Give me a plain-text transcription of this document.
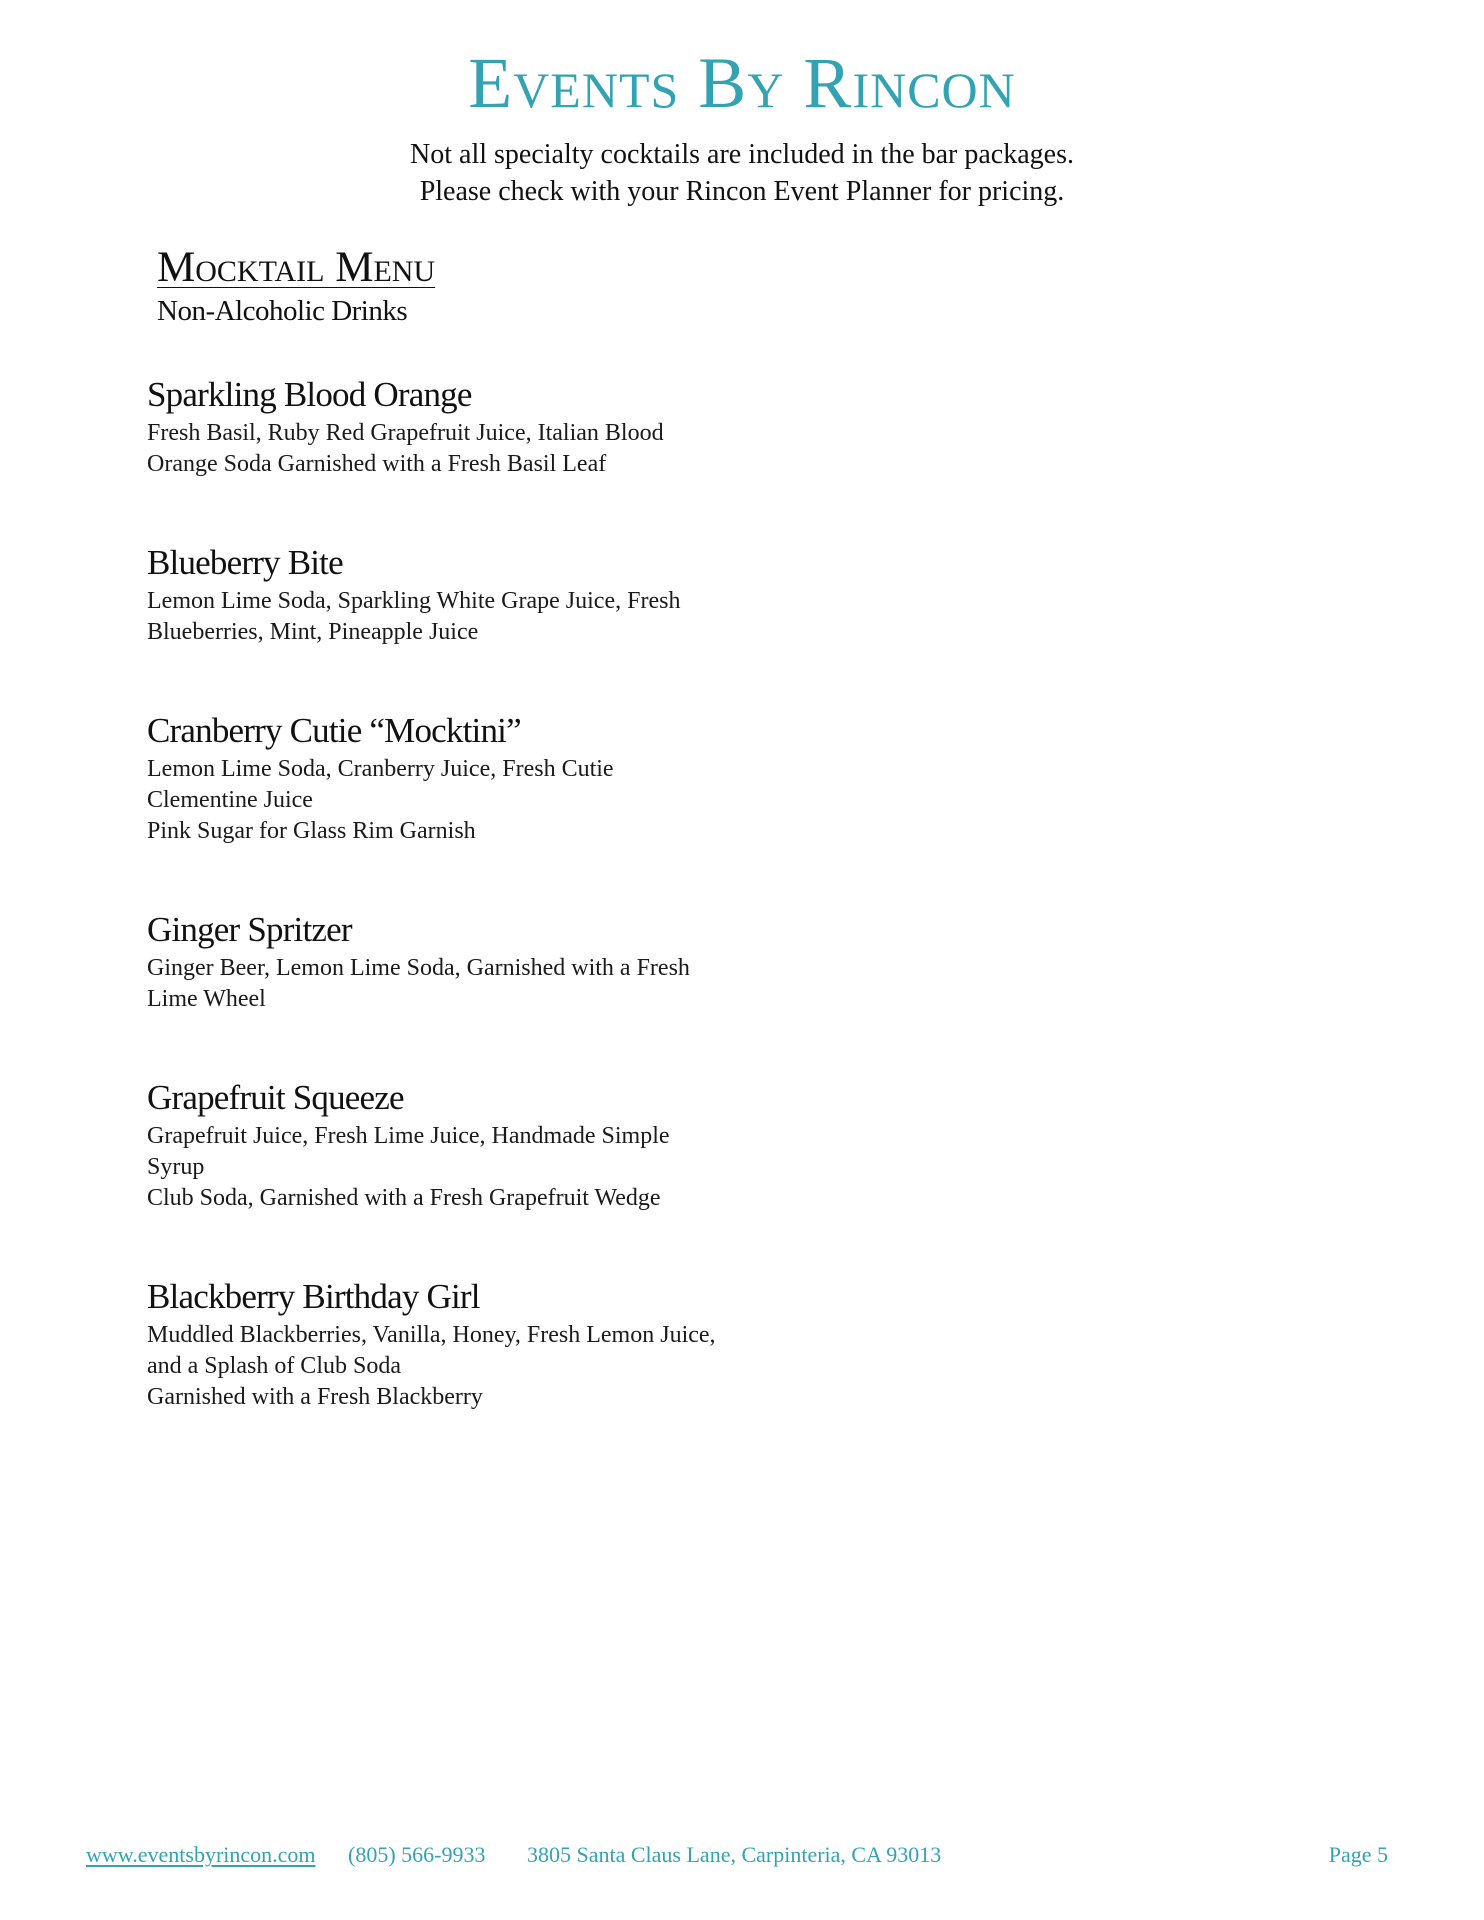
Events By Rincon
Not all specialty cocktails are included in the bar packages.
Please check with your Rincon Event Planner for pricing.
Mocktail Menu
Non-Alcoholic Drinks
Sparkling Blood Orange
Fresh Basil, Ruby Red Grapefruit Juice, Italian Blood
Orange Soda Garnished with a Fresh Basil Leaf
Blueberry Bite
Lemon Lime Soda, Sparkling White Grape Juice, Fresh
Blueberries, Mint, Pineapple Juice
Cranberry Cutie “Mocktini”
Lemon Lime Soda, Cranberry Juice, Fresh Cutie
Clementine Juice
Pink Sugar for Glass Rim Garnish
Ginger Spritzer
Ginger Beer, Lemon Lime Soda, Garnished with a Fresh
Lime Wheel
Grapefruit Squeeze
Grapefruit Juice, Fresh Lime Juice, Handmade Simple
Syrup
Club Soda, Garnished with a Fresh Grapefruit Wedge
Blackberry Birthday Girl
Muddled Blackberries, Vanilla, Honey, Fresh Lemon Juice,
and a Splash of Club Soda
Garnished with a Fresh Blackberry
www.eventsbyrincon.com (805) 566-9933 3805 Santa Claus Lane, Carpinteria, CA 93013	Page 5
